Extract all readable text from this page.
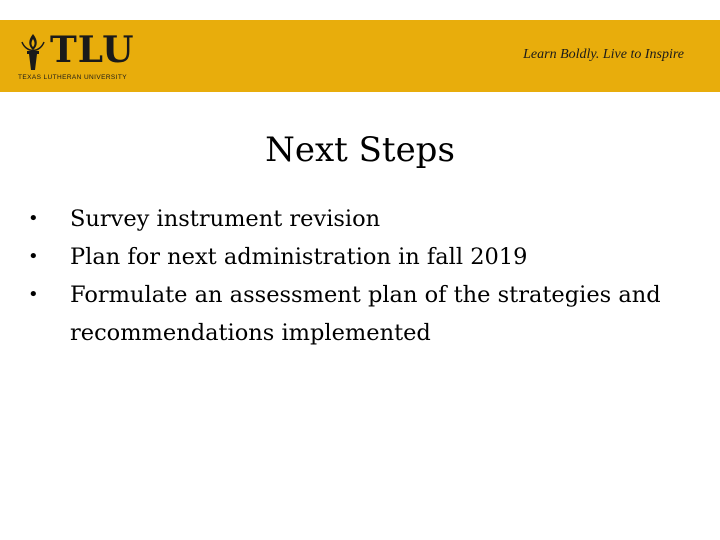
TLU
TEXAS LUTHERAN UNIVERSITY
Learn Boldly. Live to Inspire
Next Steps
•	Survey instrument revision
•	Plan for next administration in fall 2019
•	Formulate an assessment plan of the strategies and recommendations implemented
